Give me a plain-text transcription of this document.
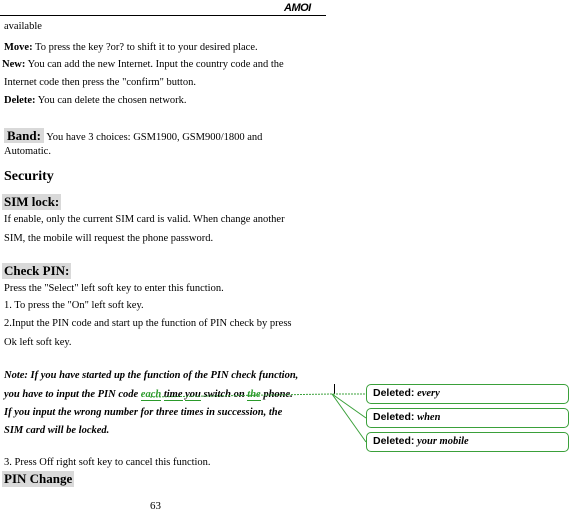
AMOI
available
Move: To press the key ?or? to shift it to your desired place.
New: You can add the new Internet. Input the country code and the
Internet code then press the "confirm" button.
Delete: You can delete the chosen network.
Band: You have 3 choices: GSM1900, GSM900/1800 and
Automatic.
Security
SIM lock:
If enable, only the current SIM card is valid. When change another
SIM, the mobile will request the phone password.
Check PIN:
Press the "Select" left soft key to enter this function.
1. To press the "On" left soft key.
2.Input the PIN code and start up the function of PIN check by press
Ok left soft key.
Note: If you have started up the function of the PIN check function,
you have to input the PIN code each time you switch on the phone.
If you input the wrong number for three times in succession, the
SIM card will be locked.
3. Press Off right soft key to cancel this function.
PIN Change
63
Deleted: every
Deleted: when
Deleted: your mobile
